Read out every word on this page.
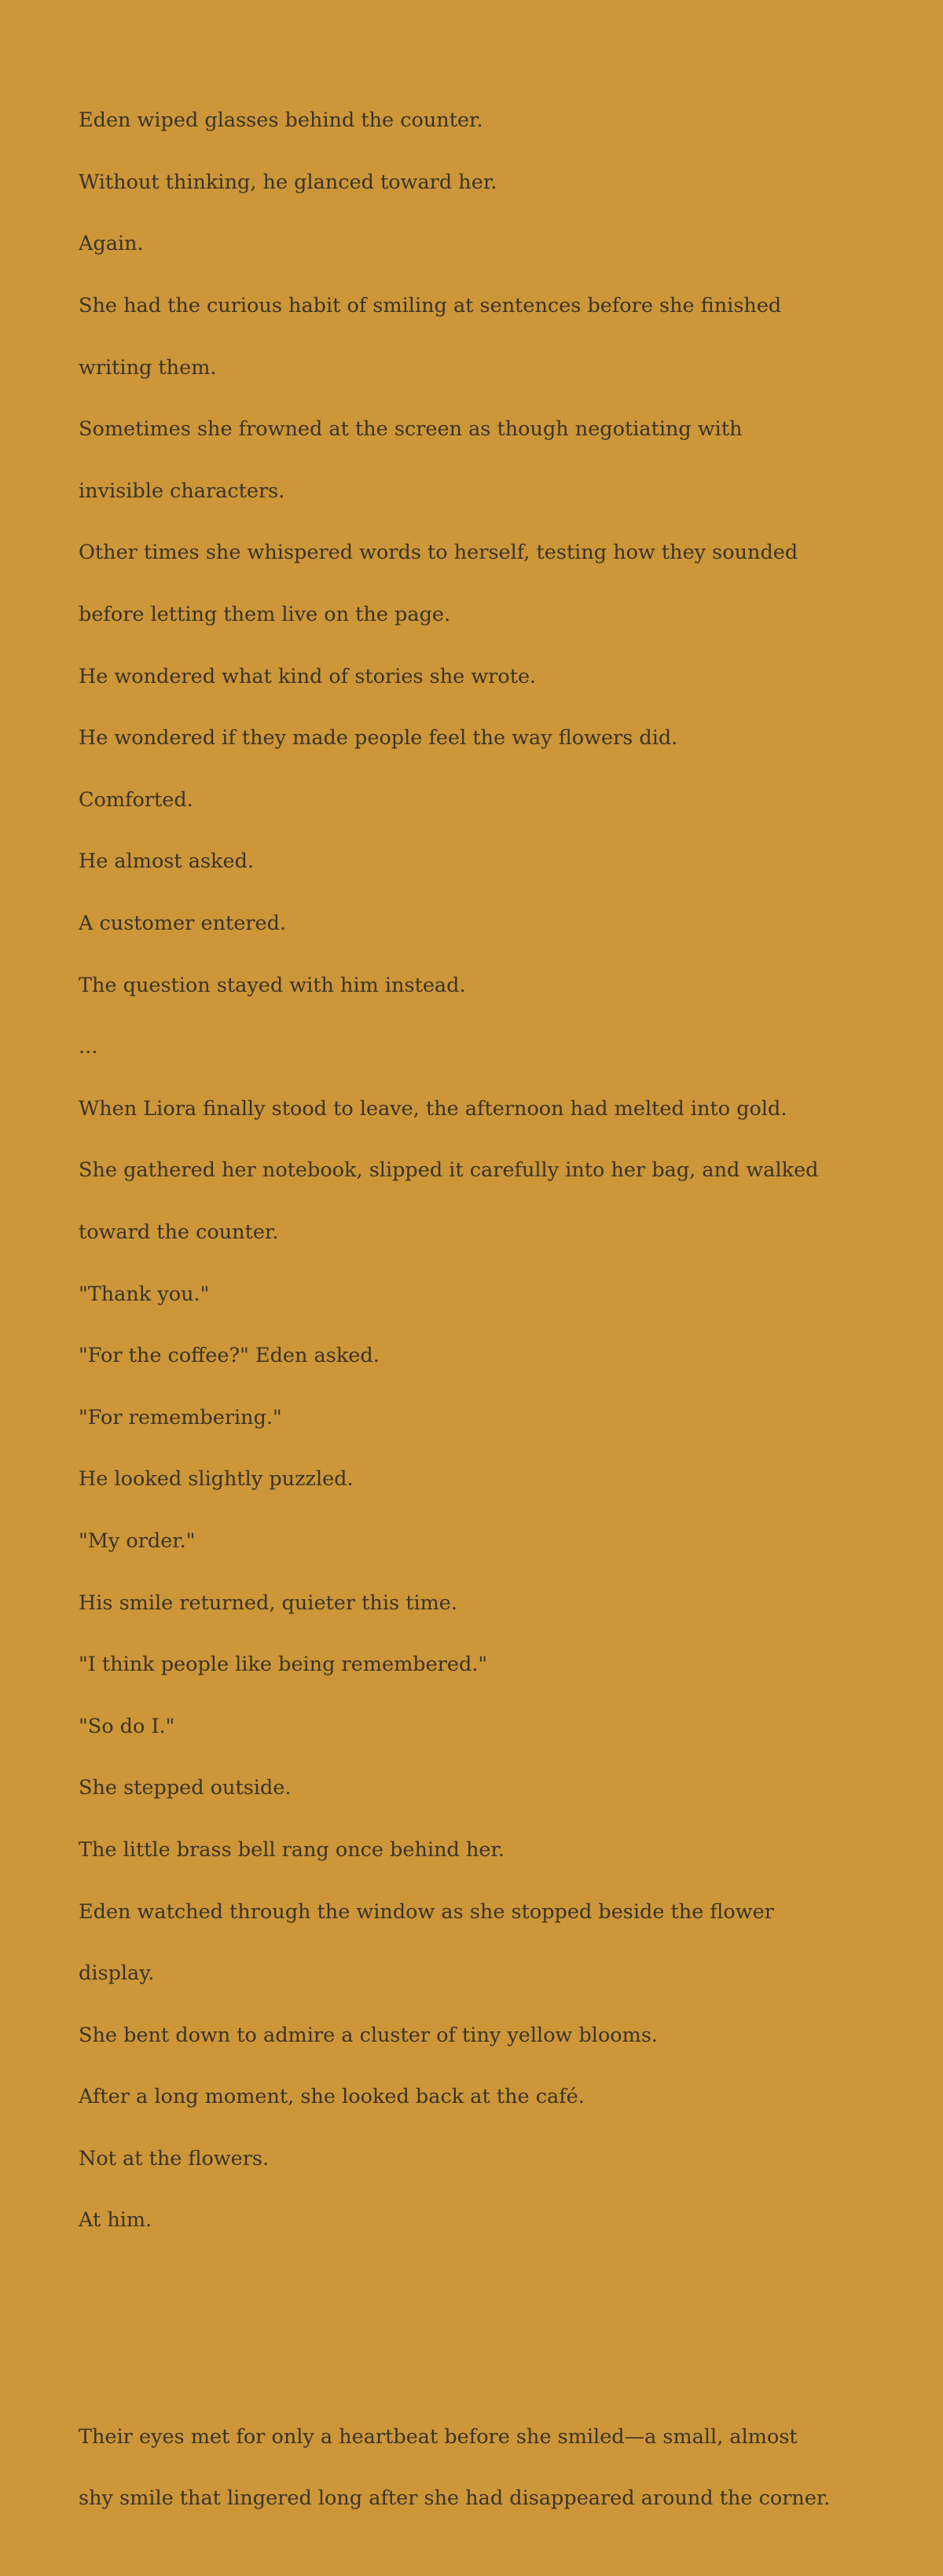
Eden wiped glasses behind the counter.

Without thinking, he glanced toward her.

Again.

She had the curious habit of smiling at sentences before she finished

writing them.

Sometimes she frowned at the screen as though negotiating with

invisible characters.

Other times she whispered words to herself, testing how they sounded

before letting them live on the page.

He wondered what kind of stories she wrote.

He wondered if they made people feel the way flowers did.

Comforted.

He almost asked.

A customer entered.

The question stayed with him instead.

...

When Liora finally stood to leave, the afternoon had melted into gold.

She gathered her notebook, slipped it carefully into her bag, and walked

toward the counter.

"Thank you."

"For the coffee?" Eden asked.

"For remembering."

He looked slightly puzzled.

"My order."

His smile returned, quieter this time.

"I think people like being remembered."

"So do I."

She stepped outside.

The little brass bell rang once behind her.

Eden watched through the window as she stopped beside the flower

display.

She bent down to admire a cluster of tiny yellow blooms.

After a long moment, she looked back at the café.

Not at the flowers.

At him.

Their eyes met for only a heartbeat before she smiled—a small, almost

shy smile that lingered long after she had disappeared around the corner.
